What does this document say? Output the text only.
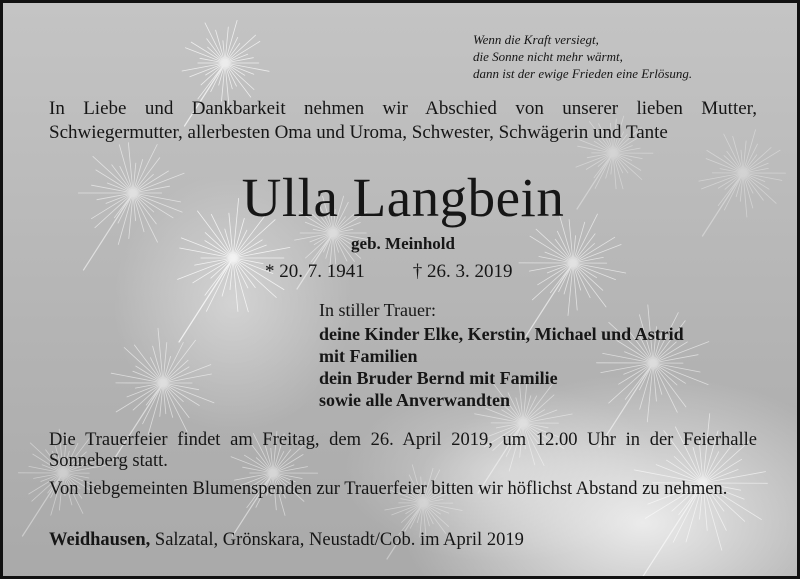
Wenn die Kraft versiegt,
die Sonne nicht mehr wärmt,
dann ist der ewige Frieden eine Erlösung.
In Liebe und Dankbarkeit nehmen wir Abschied von unserer lieben Mutter,
Schwiegermutter, allerbesten Oma und Uroma, Schwester, Schwägerin und Tante
Ulla Langbein
geb. Meinhold
* 20. 7. 1941	† 26. 3. 2019
In stiller Trauer:
deine Kinder Elke, Kerstin, Michael und Astrid
mit Familien
dein Bruder Bernd mit Familie
sowie alle Anverwandten
Die Trauerfeier findet am Freitag, dem 26. April 2019, um 12.00 Uhr in der Feierhalle Sonneberg statt.
Von liebgemeinten Blumenspenden zur Trauerfeier bitten wir höflichst Abstand zu nehmen.
Weidhausen, Salzatal, Grönskara, Neustadt/Cob. im April 2019
